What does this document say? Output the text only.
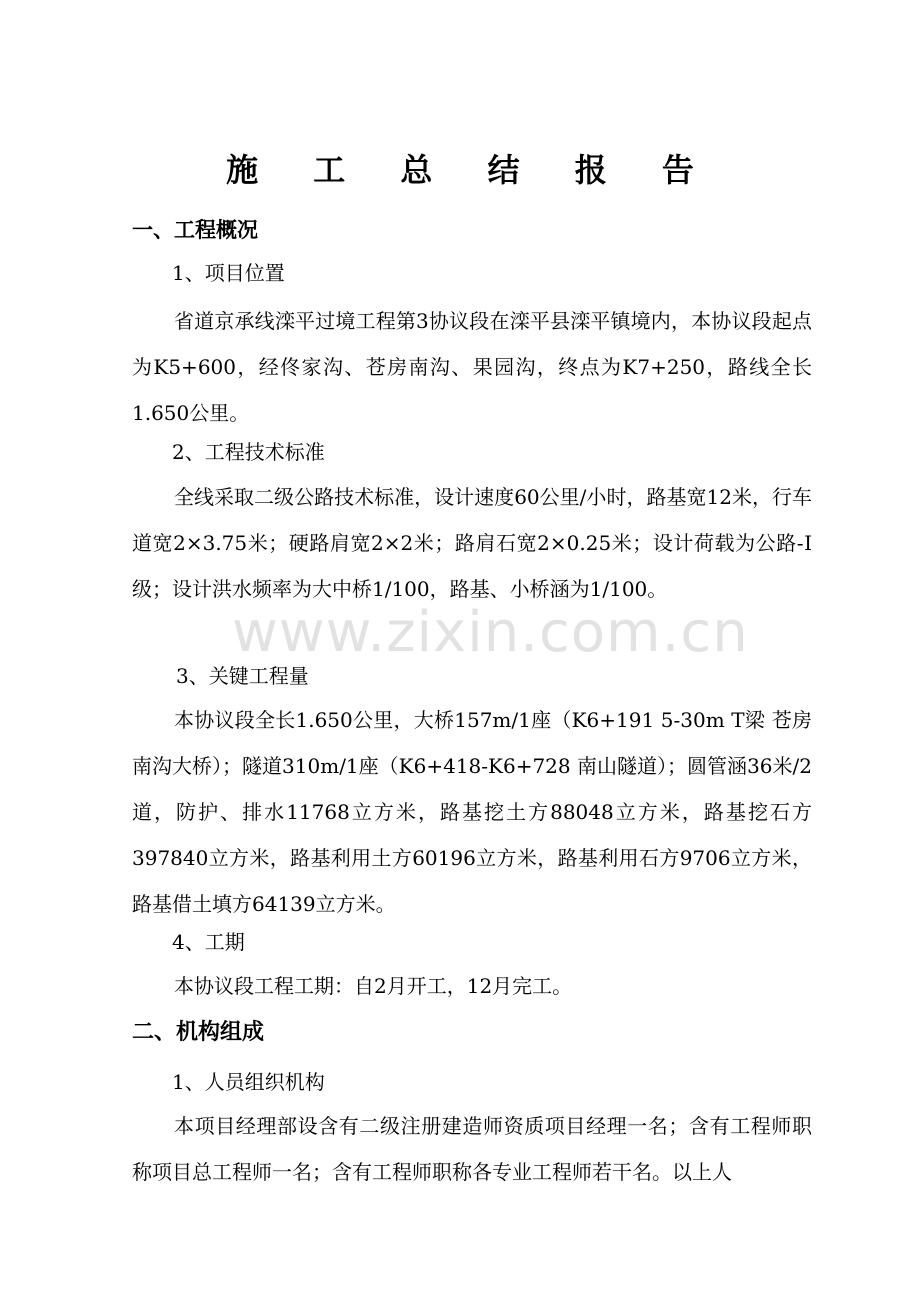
施 工 总 结 报 告
一、工程概况
1、项目位置
省道京承线滦平过境工程第3协议段在滦平县滦平镇境内，本协议段起点为K5+600，经佟家沟、苍房南沟、果园沟，终点为K7+250，路线全长1.650公里。
2、工程技术标准
全线采取二级公路技术标准，设计速度60公里/小时，路基宽12米，行车道宽2×3.75米；硬路肩宽2×2米；路肩石宽2×0.25米；设计荷载为公路-Ⅰ级；设计洪水频率为大中桥1/100，路基、小桥涵为1/100。
3、关键工程量
本协议段全长1.650公里，大桥157m/1座（K6+191 5-30m T梁 苍房南沟大桥）；隧道310m/1座（K6+418-K6+728 南山隧道）；圆管涵36米/2道，防护、排水11768立方米，路基挖土方88048立方米，路基挖石方397840立方米，路基利用土方60196立方米，路基利用石方9706立方米，路基借土填方64139立方米。
4、工期
本协议段工程工期：自2月开工，12月完工。
二、机构组成
1、人员组织机构
本项目经理部设含有二级注册建造师资质项目经理一名；含有工程师职称项目总工程师一名；含有工程师职称各专业工程师若干名。以上人
www.zixin.com.cn
